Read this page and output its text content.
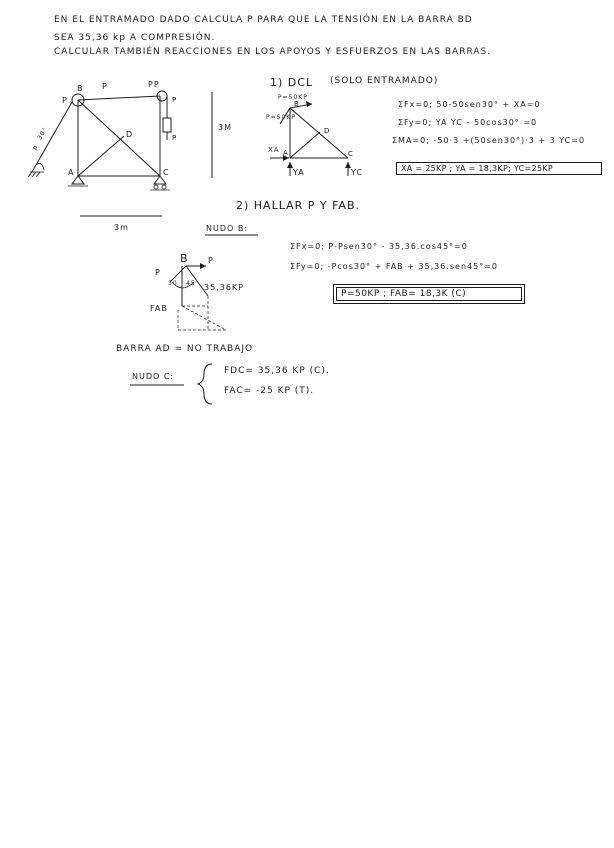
EN EL ENTRAMADO DADO CALCULA P PARA QUE LA TENSIÓN EN LA BARRA BD
SEA 35,36 kp A COMPRESIÓN.
CALCULAR TAMBIÉN REACCIONES EN LOS APOYOS Y ESFUERZOS EN LAS BARRAS.
B P
P
PP
P
P
D
A	C
P
30°	3M
3m
1) DCL (SOLO ENTRAMADO)
P=50KP
P=50KP
B
D
A	C
XA
YA	YC
ΣFx=0; 50-50sen30° + XA=0
ΣFy=0; YA YC - 50cos30° =0
ΣMA=0; -50·3 +(50sen30°)·3 + 3 YC=0
XA = 25KP ; YA = 18,3KP; YC=25KP
2) HALLAR P Y FAB.
NUDO B:
ΣFx=0; P-Psen30° - 35,36.cos45°=0
ΣFy=0; -Pcos30° + FAB + 35,36.sen45°=0
P=50KP ; FAB= 18,3K (C)
B P
P
30 45 35,36KP
FAB
BARRA AD = NO TRABAJO
NUDO C:
FDC= 35,36 KP (C).
FAC= -25 KP (T).
